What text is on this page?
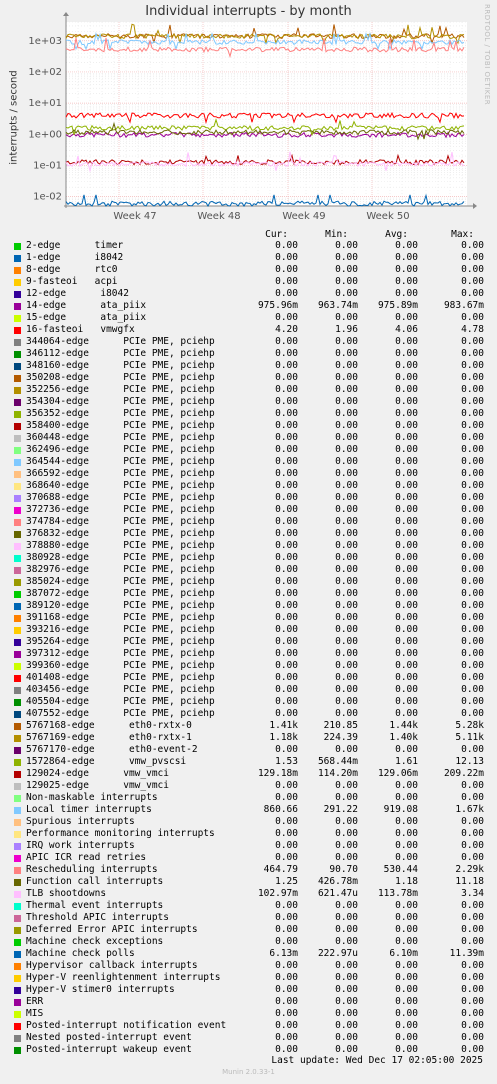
Individual interrupts - by month
interrupts / second
RRDTOOL / TOBI OETIKER
1e-02
1e-01
1e+00
1e+01
1e+02
1e+03
Week 47	Week 48	Week 49	Week 50
Cur:	Min:	Avg:	Max:
2-edge      timer	0.00	0.00	0.00	0.00
1-edge      i8042	0.00	0.00	0.00	0.00
8-edge      rtc0	0.00	0.00	0.00	0.00
9-fasteoi   acpi	0.00	0.00	0.00	0.00
12-edge      i8042	0.00	0.00	0.00	0.00
14-edge      ata_piix	975.96m	963.74m	975.89m	983.67m
15-edge      ata_piix	0.00	0.00	0.00	0.00
16-fasteoi   vmwgfx	4.20	1.96	4.06	4.78
344064-edge      PCIe PME, pciehp	0.00	0.00	0.00	0.00
346112-edge      PCIe PME, pciehp	0.00	0.00	0.00	0.00
348160-edge      PCIe PME, pciehp	0.00	0.00	0.00	0.00
350208-edge      PCIe PME, pciehp	0.00	0.00	0.00	0.00
352256-edge      PCIe PME, pciehp	0.00	0.00	0.00	0.00
354304-edge      PCIe PME, pciehp	0.00	0.00	0.00	0.00
356352-edge      PCIe PME, pciehp	0.00	0.00	0.00	0.00
358400-edge      PCIe PME, pciehp	0.00	0.00	0.00	0.00
360448-edge      PCIe PME, pciehp	0.00	0.00	0.00	0.00
362496-edge      PCIe PME, pciehp	0.00	0.00	0.00	0.00
364544-edge      PCIe PME, pciehp	0.00	0.00	0.00	0.00
366592-edge      PCIe PME, pciehp	0.00	0.00	0.00	0.00
368640-edge      PCIe PME, pciehp	0.00	0.00	0.00	0.00
370688-edge      PCIe PME, pciehp	0.00	0.00	0.00	0.00
372736-edge      PCIe PME, pciehp	0.00	0.00	0.00	0.00
374784-edge      PCIe PME, pciehp	0.00	0.00	0.00	0.00
376832-edge      PCIe PME, pciehp	0.00	0.00	0.00	0.00
378880-edge      PCIe PME, pciehp	0.00	0.00	0.00	0.00
380928-edge      PCIe PME, pciehp	0.00	0.00	0.00	0.00
382976-edge      PCIe PME, pciehp	0.00	0.00	0.00	0.00
385024-edge      PCIe PME, pciehp	0.00	0.00	0.00	0.00
387072-edge      PCIe PME, pciehp	0.00	0.00	0.00	0.00
389120-edge      PCIe PME, pciehp	0.00	0.00	0.00	0.00
391168-edge      PCIe PME, pciehp	0.00	0.00	0.00	0.00
393216-edge      PCIe PME, pciehp	0.00	0.00	0.00	0.00
395264-edge      PCIe PME, pciehp	0.00	0.00	0.00	0.00
397312-edge      PCIe PME, pciehp	0.00	0.00	0.00	0.00
399360-edge      PCIe PME, pciehp	0.00	0.00	0.00	0.00
401408-edge      PCIe PME, pciehp	0.00	0.00	0.00	0.00
403456-edge      PCIe PME, pciehp	0.00	0.00	0.00	0.00
405504-edge      PCIe PME, pciehp	0.00	0.00	0.00	0.00
407552-edge      PCIe PME, pciehp	0.00	0.00	0.00	0.00
5767168-edge      eth0-rxtx-0	1.41k	210.85	1.44k	5.28k
5767169-edge      eth0-rxtx-1	1.18k	224.39	1.40k	5.11k
5767170-edge      eth0-event-2	0.00	0.00	0.00	0.00
1572864-edge      vmw_pvscsi	1.53	568.44m	1.61	12.13
129024-edge      vmw_vmci	129.18m	114.20m	129.06m	209.22m
129025-edge      vmw_vmci	0.00	0.00	0.00	0.00
Non-maskable interrupts	0.00	0.00	0.00	0.00
Local timer interrupts	860.66	291.22	919.08	1.67k
Spurious interrupts	0.00	0.00	0.00	0.00
Performance monitoring interrupts	0.00	0.00	0.00	0.00
IRQ work interrupts	0.00	0.00	0.00	0.00
APIC ICR read retries	0.00	0.00	0.00	0.00
Rescheduling interrupts	464.79	90.70	530.44	2.29k
Function call interrupts	1.25	426.78m	1.18	11.18
TLB shootdowns	102.97m	621.47u	113.78m	3.34
Thermal event interrupts	0.00	0.00	0.00	0.00
Threshold APIC interrupts	0.00	0.00	0.00	0.00
Deferred Error APIC interrupts	0.00	0.00	0.00	0.00
Machine check exceptions	0.00	0.00	0.00	0.00
Machine check polls	6.13m	222.97u	6.10m	11.39m
Hypervisor callback interrupts	0.00	0.00	0.00	0.00
Hyper-V reenlightenment interrupts	0.00	0.00	0.00	0.00
Hyper-V stimer0 interrupts	0.00	0.00	0.00	0.00
ERR	0.00	0.00	0.00	0.00
MIS	0.00	0.00	0.00	0.00
Posted-interrupt notification event	0.00	0.00	0.00	0.00
Nested posted-interrupt event	0.00	0.00	0.00	0.00
Posted-interrupt wakeup event	0.00	0.00	0.00	0.00
Last update: Wed Dec 17 02:05:00 2025
Munin 2.0.33-1
